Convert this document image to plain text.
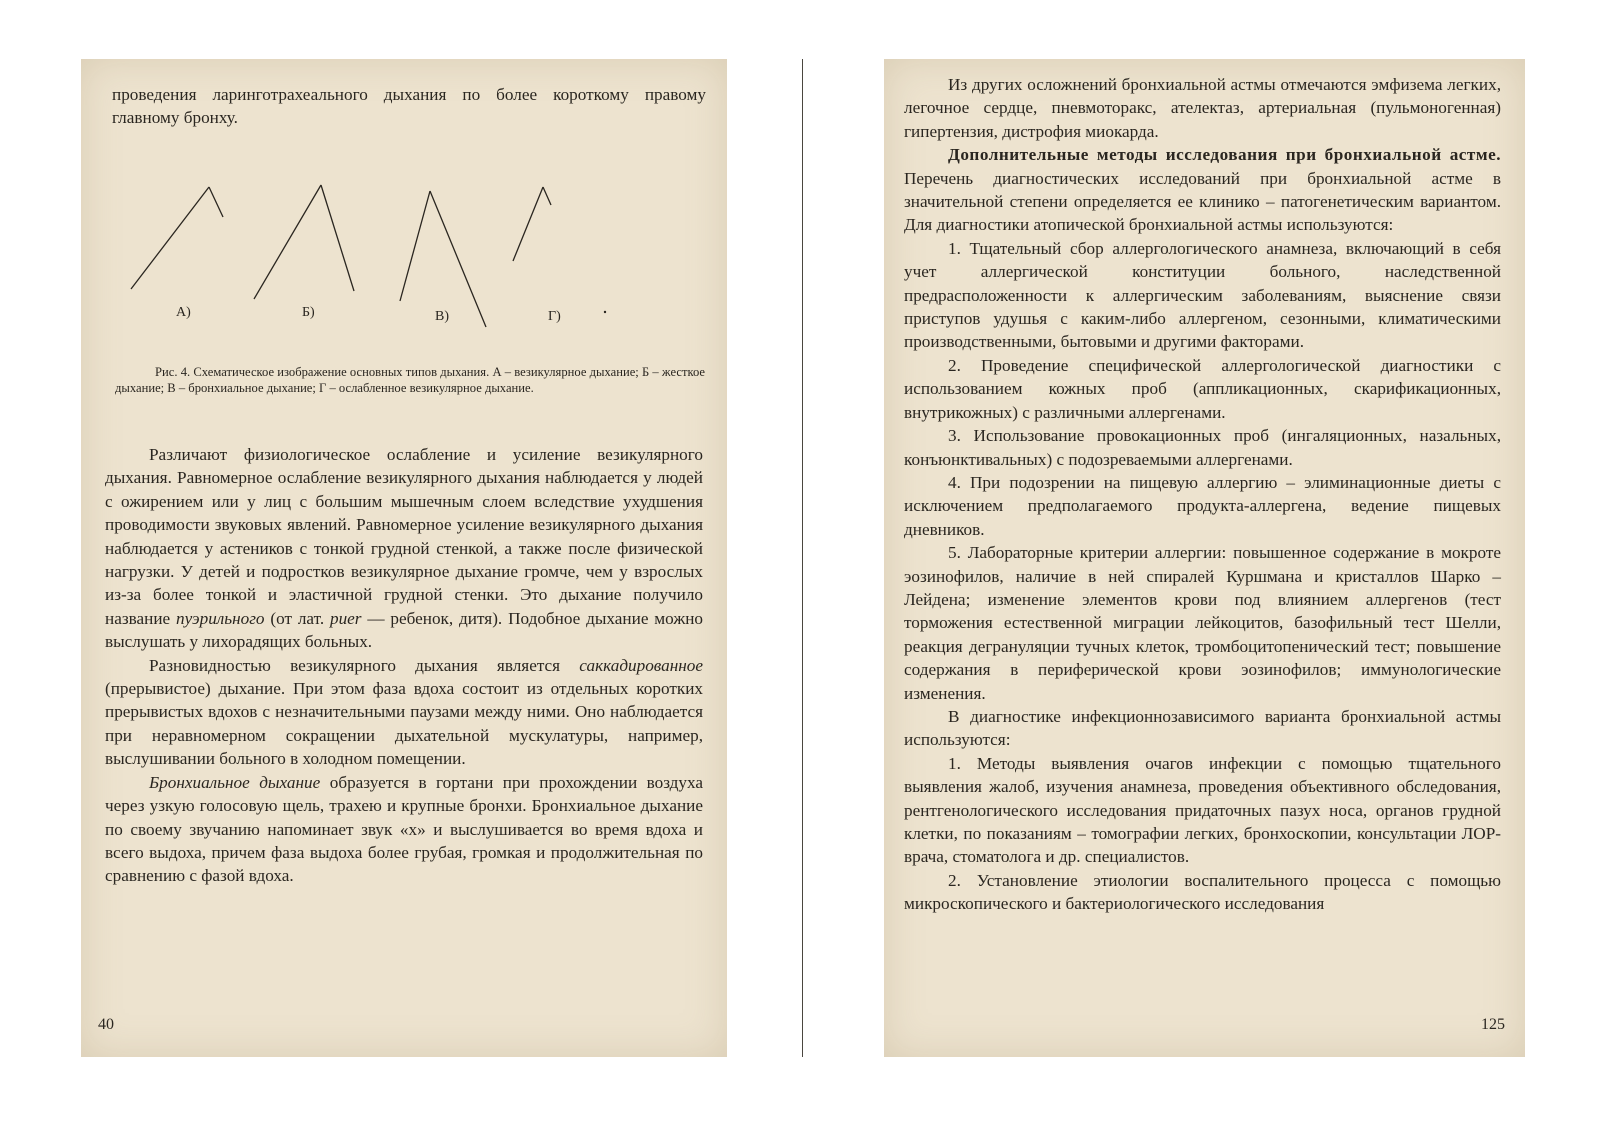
проведения ларинготрахеального дыхания по более короткому правому главному бронху.

А)	Б)	В)	Г)

Рис. 4. Схематическое изображение основных типов дыхания. А – везикулярное дыхание; Б – жесткое дыхание; В – бронхиальное дыхание; Г – ослабленное везикулярное дыхание.

Различают физиологическое ослабление и усиление везикулярного дыхания. Равномерное ослабление везикулярного дыхания наблюдается у людей с ожирением или у лиц с большим мышечным слоем вследствие ухудшения проводимости звуковых явлений. Равномерное усиление везикулярного дыхания наблюдается у астеников с тонкой грудной стенкой, а также после физической нагрузки. У детей и подростков везикулярное дыхание громче, чем у взрослых из-за более тонкой и эластичной грудной стенки. Это дыхание получило название пуэрильного (от лат. puer — ребенок, дитя). Подобное дыхание можно выслушать у лихорадящих больных.

Разновидностью везикулярного дыхания является саккадированное (прерывистое) дыхание. При этом фаза вдоха состоит из отдельных коротких прерывистых вдохов с незначительными паузами между ними. Оно наблюдается при неравномерном сокращении дыхательной мускулатуры, например, выслушивании больного в холодном помещении.

Бронхиальное дыхание образуется в гортани при прохождении воздуха через узкую голосовую щель, трахею и крупные бронхи. Бронхиальное дыхание по своему звучанию напоминает звук «х» и выслушивается во время вдоха и всего выдоха, причем фаза выдоха более грубая, громкая и продолжительная по сравнению с фазой вдоха.

40

Из других осложнений бронхиальной астмы отмечаются эмфизема легких, легочное сердце, пневмоторакс, ателектаз, артериальная (пульмоногенная) гипертензия, дистрофия миокарда.

Дополнительные методы исследования при бронхиальной астме. Перечень диагностических исследований при бронхиальной астме в значительной степени определяется ее клинико – патогенетическим вариантом. Для диагностики атопической бронхиальной астмы используются:

1. Тщательный сбор аллергологического анамнеза, включающий в себя учет аллергической конституции больного, наследственной предрасположенности к аллергическим заболеваниям, выяснение связи приступов удушья с каким-либо аллергеном, сезонными, климатическими производственными, бытовыми и другими факторами.

2. Проведение специфической аллергологической диагностики с использованием кожных проб (аппликационных, скарификационных, внутрикожных) с различными аллергенами.

3. Использование провокационных проб (ингаляционных, назальных, конъюнктивальных) с подозреваемыми аллергенами.

4. При подозрении на пищевую аллергию – элиминационные диеты с исключением предполагаемого продукта-аллергена, ведение пищевых дневников.

5. Лабораторные критерии аллергии: повышенное содержание в мокроте эозинофилов, наличие в ней спиралей Куршмана и кристаллов Шарко – Лейдена; изменение элементов крови под влиянием аллергенов (тест торможения естественной миграции лейкоцитов, базофильный тест Шелли, реакция дегрануляции тучных клеток, тромбоцитопенический тест; повышение содержания в периферической крови эозинофилов; иммунологические изменения.

В диагностике инфекционнозависимого варианта бронхиальной астмы используются:

1. Методы выявления очагов инфекции с помощью тщательного выявления жалоб, изучения анамнеза, проведения объективного обследования, рентгенологического исследования придаточных пазух носа, органов грудной клетки, по показаниям – томографии легких, бронхоскопии, консультации ЛОР-врача, стоматолога и др. специалистов.

2. Установление этиологии воспалительного процесса с помощью микроскопического и бактериологического исследования

125
